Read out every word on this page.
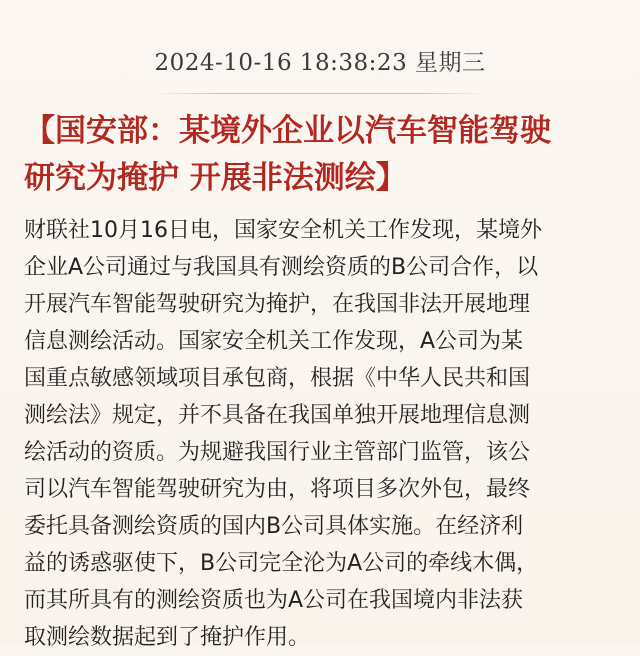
2024-10-16 18:38:23 星期三
【国安部：某境外企业以汽车智能驾驶
研究为掩护 开展非法测绘】
财联社10月16日电，国家安全机关工作发现，某境外
企业A公司通过与我国具有测绘资质的B公司合作，以
开展汽车智能驾驶研究为掩护，在我国非法开展地理
信息测绘活动。国家安全机关工作发现，A公司为某
国重点敏感领域项目承包商，根据《中华人民共和国
测绘法》规定，并不具备在我国单独开展地理信息测
绘活动的资质。为规避我国行业主管部门监管，该公
司以汽车智能驾驶研究为由，将项目多次外包，最终
委托具备测绘资质的国内B公司具体实施。在经济利
益的诱惑驱使下，B公司完全沦为A公司的牵线木偶，
而其所具有的测绘资质也为A公司在我国境内非法获
取测绘数据起到了掩护作用。
